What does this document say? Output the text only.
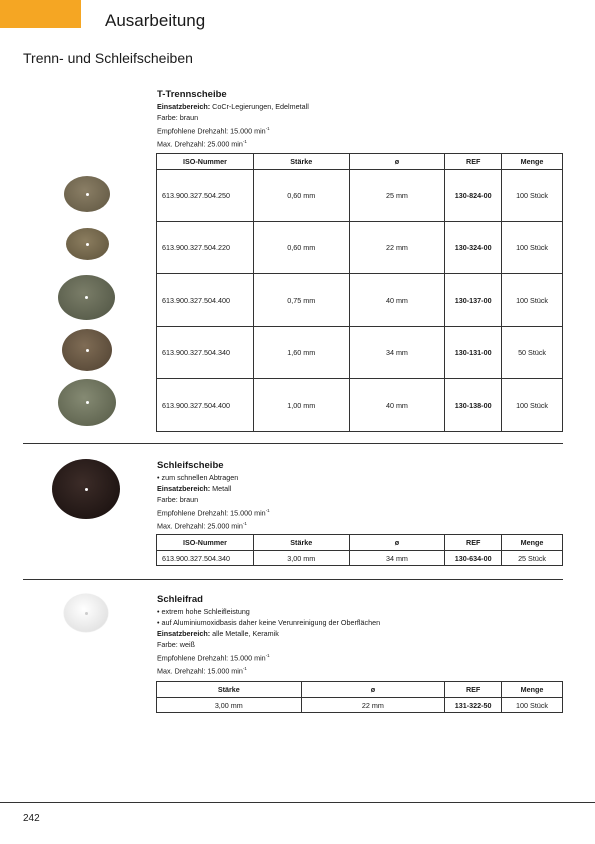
Ausarbeitung
Trenn- und Schleifscheiben
T-Trennscheibe
Einsatzbereich: CoCr-Legierungen, Edelmetall
Farbe: braun
Empfohlene Drehzahl: 15.000 $\min^{-1}$
Max. Drehzahl: 25.000 $\min^{-1}$
ISO-Nummer	Stärke	ø	REF	Menge
613.900.327.504.250	0,60 mm	25 mm	130-824-00	100 Stück
613.900.327.504.220	0,60 mm	22 mm	130-324-00	100 Stück
613.900.327.504.400	0,75 mm	40 mm	130-137-00	100 Stück
613.900.327.504.340	1,60 mm	34 mm	130-131-00	50 Stück
613.900.327.504.400	1,00 mm	40 mm	130-138-00	100 Stück
Schleifscheibe
• zum schnellen Abtragen
Einsatzbereich: Metall
Farbe: braun
Empfohlene Drehzahl: 15.000 $\min^{-1}$
Max. Drehzahl: 25.000 $\min^{-1}$
ISO-Nummer	Stärke	ø	REF	Menge
613.900.327.504.340	3,00 mm	34 mm	130-634-00	25 Stück
Schleifrad
• extrem hohe Schleifleistung
• auf Aluminiumoxidbasis daher keine Verunreinigung der Oberflächen
Einsatzbereich: alle Metalle, Keramik
Farbe: weiß
Empfohlene Drehzahl: 15.000 $\min^{-1}$
Max. Drehzahl: 15.000 $\min^{-1}$
Stärke	ø	REF	Menge
3,00 mm	22 mm	131-322-50	100 Stück
242
